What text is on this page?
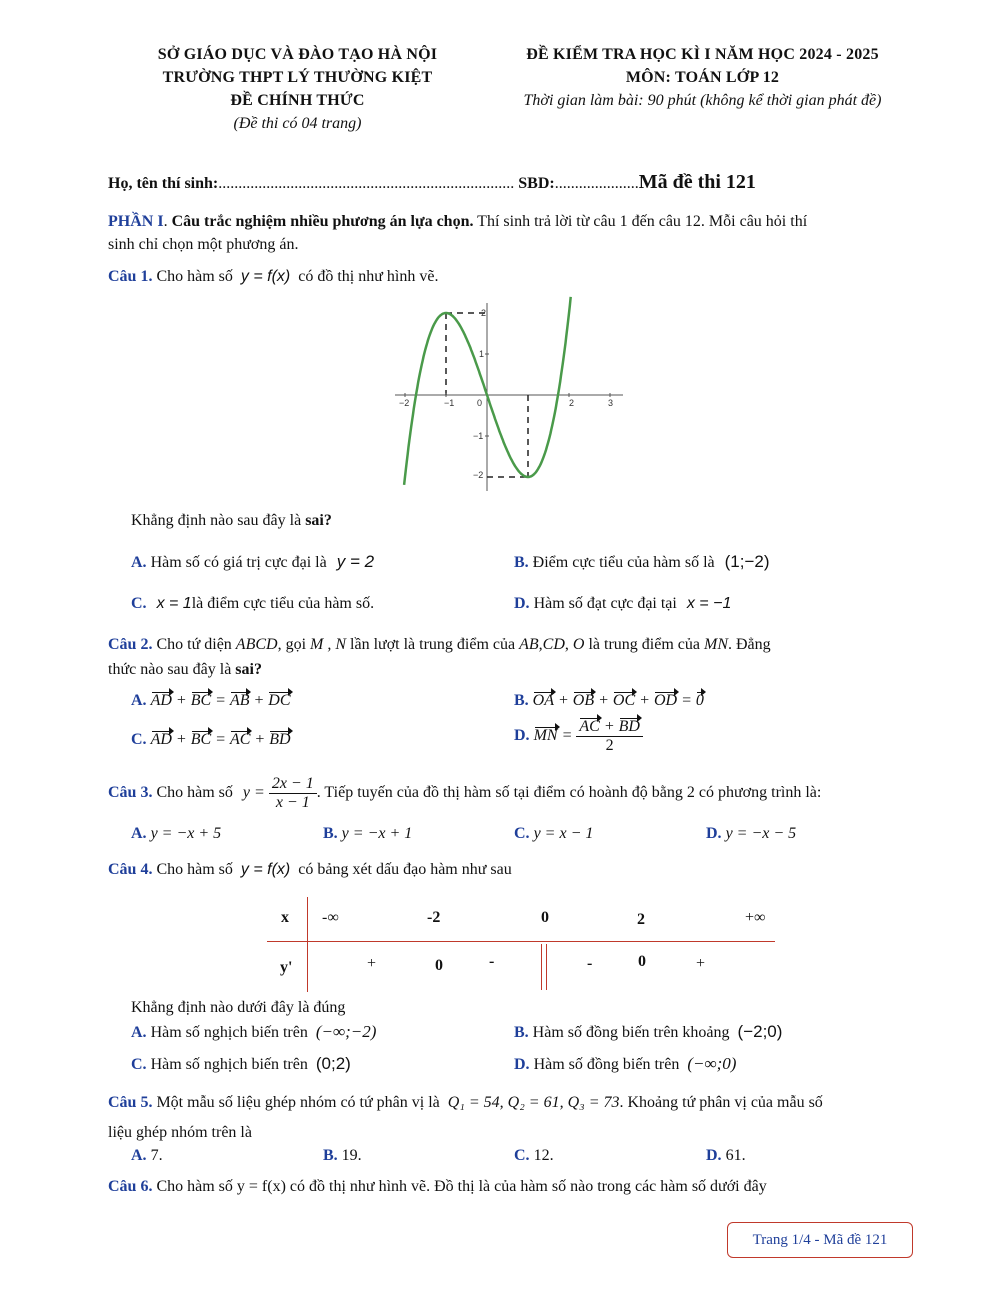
SỞ GIÁO DỤC VÀ ĐÀO TẠO HÀ NỘI
TRƯỜNG THPT LÝ THƯỜNG KIỆT
ĐỀ CHÍNH THỨC
(Đề thi có 04 trang)
ĐỀ KIỂM TRA HỌC KÌ I NĂM HỌC 2024 - 2025
MÔN: TOÁN LỚP 12
Thời gian làm bài: 90 phút (không kể thời gian phát đề)
Họ, tên thí sinh:.......................................................................... SBD:.....................Mã đề thi 121
PHẦN I. Câu trắc nghiệm nhiều phương án lựa chọn. Thí sinh trả lời từ câu 1 đến câu 12. Mỗi câu hỏi thí
sinh chỉ chọn một phương án.
Câu 1. Cho hàm số y = f(x) có đồ thị như hình vẽ.
−2	−1	0	2	3
2
1
−1
−2
Khẳng định nào sau đây là sai?
A. Hàm số có giá trị cực đại là y = 2	B. Điểm cực tiểu của hàm số là (1;−2)
C. x = 1là điểm cực tiểu của hàm số.	D. Hàm số đạt cực đại tại x = −1
Câu 2. Cho tứ diện ABCD, gọi M , N lần lượt là trung điểm của AB,CD, O là trung điểm của MN. Đẳng
thức nào sau đây là sai?
A. AD + BC = AB + DC	B. OA + OB + OC + OD = 0
C. AD + BC = AC + BD	D. MN = $\frac{AC + BD}{2}$
Câu 3. Cho hàm số $y = \frac{2x - 1}{x - 1}$ . Tiếp tuyến của đồ thị hàm số tại điểm có hoành độ bằng 2 có phương trình là:
A. y = −x + 5	B. y = −x + 1	C. y = x − 1	D. y = −x − 5
Câu 4. Cho hàm số y = f(x) có bảng xét dấu đạo hàm như sau
x -∞	-2	0	2	+∞
y'	+	0	-	-	0	+
Khẳng định nào dưới đây là đúng
A. Hàm số nghịch biến trên (−∞;−2)	B. Hàm số đồng biến trên khoảng (−2;0)
C. Hàm số nghịch biến trên (0;2)	D. Hàm số đồng biến trên (−∞;0)
Câu 5. Một mẫu số liệu ghép nhóm có tứ phân vị là Q₁ = 54, Q₂ = 61, Q₃ = 73. Khoảng tứ phân vị của mẫu số
liệu ghép nhóm trên là
A. 7.	B. 19.	C. 12.	D. 61.
Câu 6. Cho hàm số y = f(x) có đồ thị như hình vẽ. Đồ thị là của hàm số nào trong các hàm số dưới đây
Trang 1/4 - Mã đề 121
